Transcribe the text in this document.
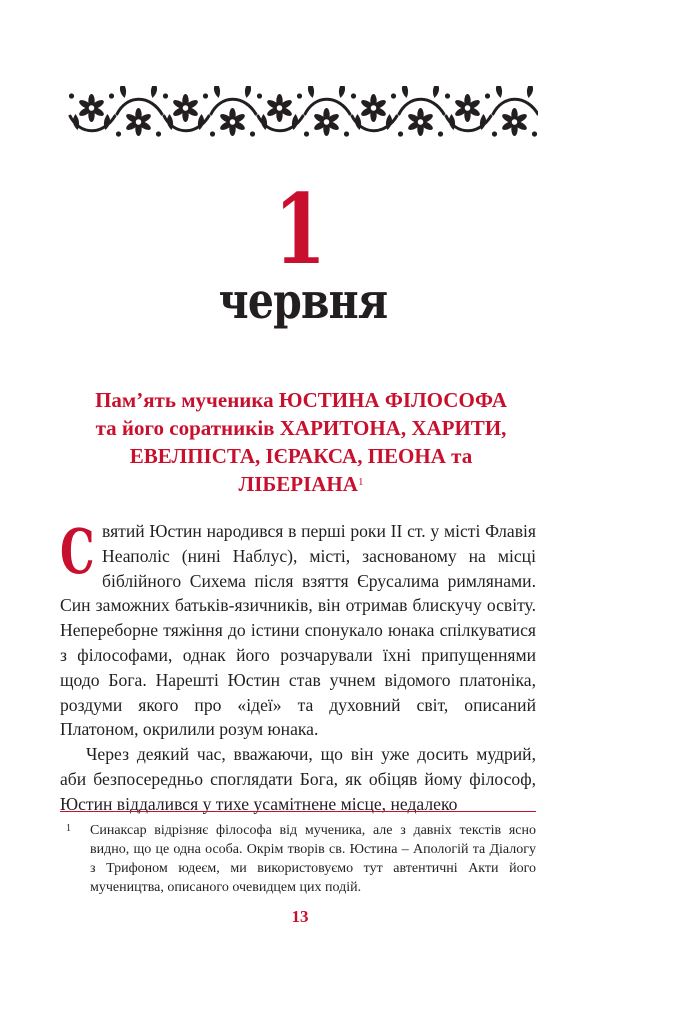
1
червня
Пам’ять мученика ЮСТИНА ФІЛОСОФА
та його соратників ХАРИТОНА, ХАРИТИ,
ЕВЕЛПІСТА, ІЄРАКСА, ПЕОНА та
ЛІБЕРІАНА$^1$

Святий Юстин народився в перші роки II ст. у місті Флавія Неаполіс (нині Наблус), місті, заснованому на місці біблійного Сихема після взяття Єрусалима римлянами. Син заможних батьків-язичників, він отримав блискучу освіту. Непереборне тяжіння до істини спонукало юнака спілкуватися з філософами, однак його розчарували їхні припущеннями щодо Бога. Нарешті Юстин став учнем відомого платоніка, роздуми якого про «ідеї» та духовний світ, описаний Платоном, окрилили розум юнака.

Через деякий час, вважаючи, що він уже досить мудрий, аби безпосередньо споглядати Бога, як обіцяв йому філософ, Юстин віддалився у тихе усамітнене місце, недалеко

1 Синаксар відрізняє філософа від мученика, але з давніх текстів ясно видно, що це одна особа. Окрім творів св. Юстина – Апологій та Діалогу з Трифоном юдеєм, ми використовуємо тут автентичні Акти його мучеництва, описаного очевидцем цих подій.
13
